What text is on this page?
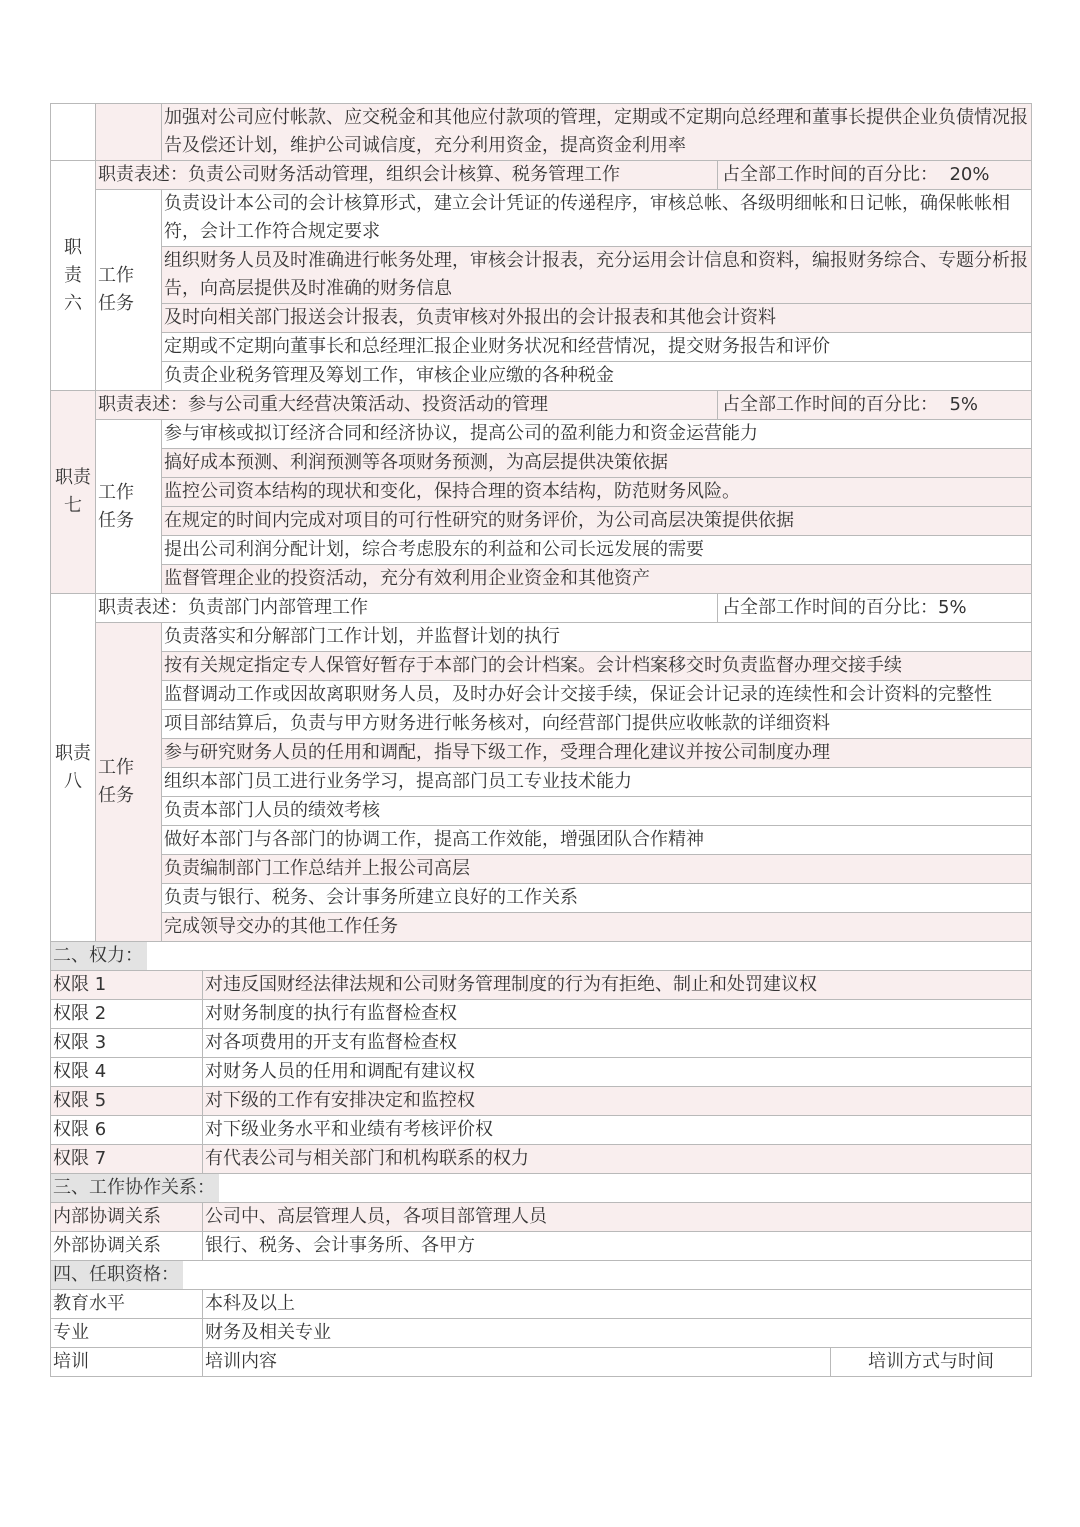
		加强对公司应付帐款、应交税金和其他应付款项的管理，定期或不定期向总经理和董事长提供企业负债情况报告及偿还计划，维护公司诚信度，充分利用资金，提高资金利用率	

职责六	职责表述：负责公司财务活动管理，组织会计核算、税务管理工作		占全部工作时间的百分比：  20%

	工作任务	负责设计本公司的会计核算形式，建立会计凭证的传递程序，审核总帐、各级明细帐和日记帐，确保帐帐相符，会计工作符合规定要求	
		组织财务人员及时准确进行帐务处理，审核会计报表，充分运用会计信息和资料，编报财务综合、专题分析报告，向高层提供及时准确的财务信息	
		及时向相关部门报送会计报表，负责审核对外报出的会计报表和其他会计资料	
		定期或不定期向董事长和总经理汇报企业财务状况和经营情况，提交财务报告和评价	
		负责企业税务管理及筹划工作，审核企业应缴的各种税金	

职责七	职责表述：参与公司重大经营决策活动、投资活动的管理		占全部工作时间的百分比：  5%

	工作任务	参与审核或拟订经济合同和经济协议，提高公司的盈利能力和资金运营能力	
		搞好成本预测、利润预测等各项财务预测，为高层提供决策依据	
		监控公司资本结构的现状和变化，保持合理的资本结构，防范财务风险。	
		在规定的时间内完成对项目的可行性研究的财务评价，为公司高层决策提供依据	
		提出公司利润分配计划，综合考虑股东的利益和公司长远发展的需要	
		监督管理企业的投资活动，充分有效利用企业资金和其他资产	

职责八	职责表述：负责部门内部管理工作		占全部工作时间的百分比：5%

	工作任务	负责落实和分解部门工作计划，并监督计划的执行	
		按有关规定指定专人保管好暂存于本部门的会计档案。会计档案移交时负责监督办理交接手续	
		监督调动工作或因故离职财务人员，及时办好会计交接手续，保证会计记录的连续性和会计资料的完整性	
		项目部结算后，负责与甲方财务进行帐务核对，向经营部门提供应收帐款的详细资料	
		参与研究财务人员的任用和调配，指导下级工作，受理合理化建议并按公司制度办理	
		组织本部门员工进行业务学习，提高部门员工专业技术能力	
		负责本部门人员的绩效考核	
		做好本部门与各部门的协调工作，提高工作效能，增强团队合作精神	
		负责编制部门工作总结并上报公司高层	
		负责与银行、税务、会计事务所建立良好的工作关系	
		完成领导交办的其他工作任务	
二、权力：		
权限 1	对违反国财经法律法规和公司财务管理制度的行为有拒绝、制止和处罚建议权	
权限 2	对财务制度的执行有监督检查权	
权限 3	对各项费用的开支有监督检查权	
权限 4	对财务人员的任用和调配有建议权	
权限 5	对下级的工作有安排决定和监控权	
权限 6	对下级业务水平和业绩有考核评价权	
权限 7	有代表公司与相关部门和机构联系的权力	
三、工作协作关系：		
内部协调关系	公司中、高层管理人员，各项目部管理人员	
外部协调关系	银行、税务、会计事务所、各甲方	
四、任职资格：		
教育水平	本科及以上	
专业	财务及相关专业	
培训	培训内容	培训方式与时间
